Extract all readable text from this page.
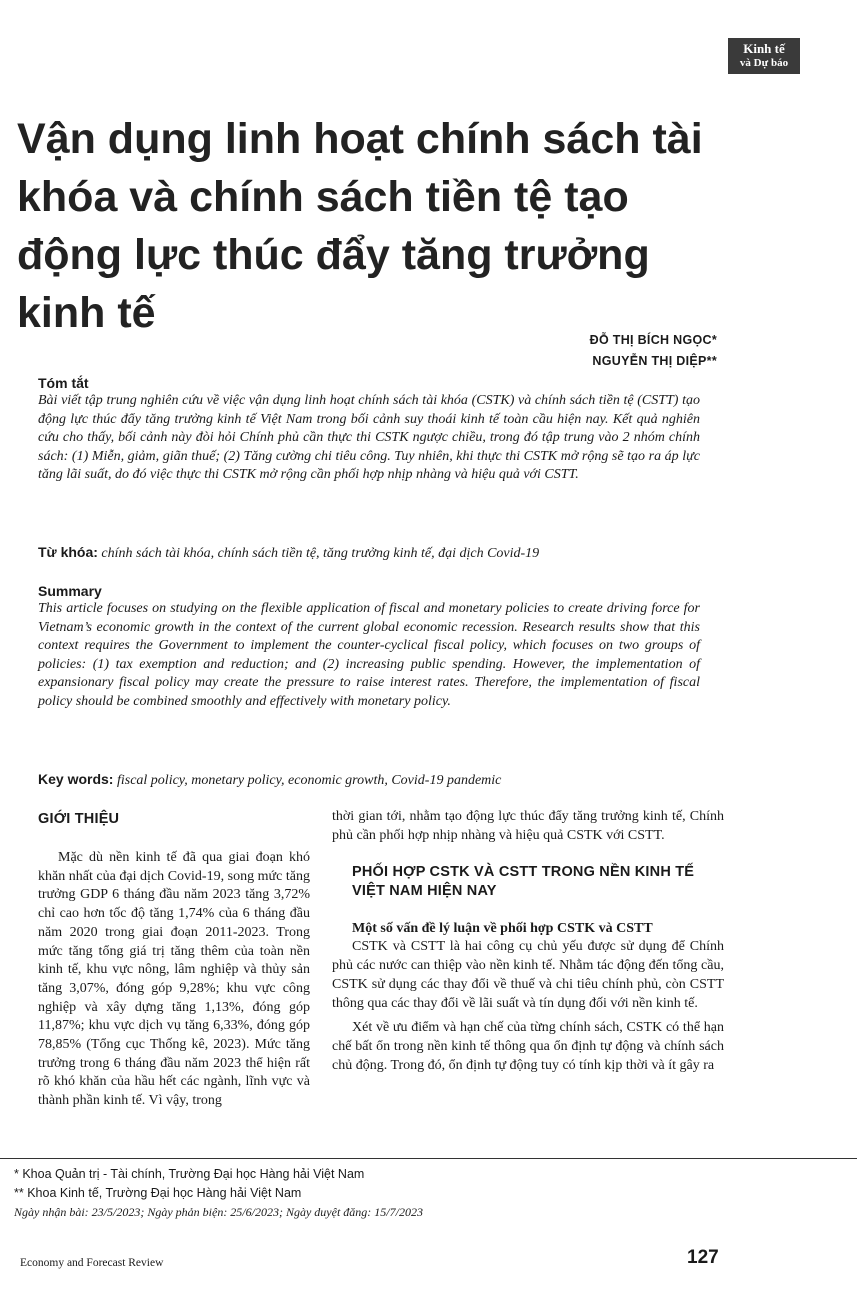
Kinh tế
và Dự báo
Vận dụng linh hoạt chính sách tài khóa và chính sách tiền tệ tạo động lực thúc đẩy tăng trưởng kinh tế
ĐỖ THỊ BÍCH NGỌC*
NGUYỄN THỊ DIỆP**
Tóm tắt
Bài viết tập trung nghiên cứu về việc vận dụng linh hoạt chính sách tài khóa (CSTK) và chính sách tiền tệ (CSTT) tạo động lực thúc đẩy tăng trưởng kinh tế Việt Nam trong bối cảnh suy thoái kinh tế toàn cầu hiện nay. Kết quả nghiên cứu cho thấy, bối cảnh này đòi hỏi Chính phủ cần thực thi CSTK ngược chiều, trong đó tập trung vào 2 nhóm chính sách: (1) Miễn, giảm, giãn thuế; (2) Tăng cường chi tiêu công. Tuy nhiên, khi thực thi CSTK mở rộng sẽ tạo ra áp lực tăng lãi suất, do đó việc thực thi CSTK mở rộng cần phối hợp nhịp nhàng và hiệu quả với CSTT.
Từ khóa: chính sách tài khóa, chính sách tiền tệ, tăng trưởng kinh tế, đại dịch Covid-19
Summary
This article focuses on studying on the flexible application of fiscal and monetary policies to create driving force for Vietnam’s economic growth in the context of the current global economic recession. Research results show that this context requires the Government to implement the counter-cyclical fiscal policy, which focuses on two groups of policies: (1) tax exemption and reduction; and (2) increasing public spending. However, the implementation of expansionary fiscal policy may create the pressure to raise interest rates. Therefore, the implementation of fiscal policy should be combined smoothly and effectively with monetary policy.
Key words: fiscal policy, monetary policy, economic growth, Covid-19 pandemic
GIỚI THIỆU

Mặc dù nền kinh tế đã qua giai đoạn khó khăn nhất của đại dịch Covid-19, song mức tăng trưởng GDP 6 tháng đầu năm 2023 tăng 3,72% chỉ cao hơn tốc độ tăng 1,74% của 6 tháng đầu năm 2020 trong giai đoạn 2011-2023. Trong mức tăng tổng giá trị tăng thêm của toàn nền kinh tế, khu vực nông, lâm nghiệp và thủy sản tăng 3,07%, đóng góp 9,28%; khu vực công nghiệp và xây dựng tăng 1,13%, đóng góp 11,87%; khu vực dịch vụ tăng 6,33%, đóng góp 78,85% (Tổng cục Thống kê, 2023). Mức tăng trưởng trong 6 tháng đầu năm 2023 thể hiện rất rõ khó khăn của hầu hết các ngành, lĩnh vực và thành phần kinh tế. Vì vậy, trong

thời gian tới, nhằm tạo động lực thúc đẩy tăng trưởng kinh tế, Chính phủ cần phối hợp nhịp nhàng và hiệu quả CSTK với CSTT.

PHỐI HỢP CSTK VÀ CSTT TRONG NỀN KINH TẾ VIỆT NAM HIỆN NAY
Một số vấn đề lý luận về phối hợp CSTK và CSTT

CSTK và CSTT là hai công cụ chủ yếu được sử dụng để Chính phủ các nước can thiệp vào nền kinh tế. Nhằm tác động đến tổng cầu, CSTK sử dụng các thay đổi về thuế và chi tiêu chính phủ, còn CSTT thông qua các thay đổi về lãi suất và tín dụng đối với nền kinh tế.

Xét về ưu điểm và hạn chế của từng chính sách, CSTK có thể hạn chế bất ổn trong nền kinh tế thông qua ổn định tự động và chính sách chủ động. Trong đó, ổn định tự động tuy có tính kịp thời và ít gây ra

* Khoa Quản trị - Tài chính, Trường Đại học Hàng hải Việt Nam
** Khoa Kinh tế, Trường Đại học Hàng hải Việt Nam
Ngày nhận bài: 23/5/2023; Ngày phản biện: 25/6/2023; Ngày duyệt đăng: 15/7/2023
Economy and Forecast Review	127
